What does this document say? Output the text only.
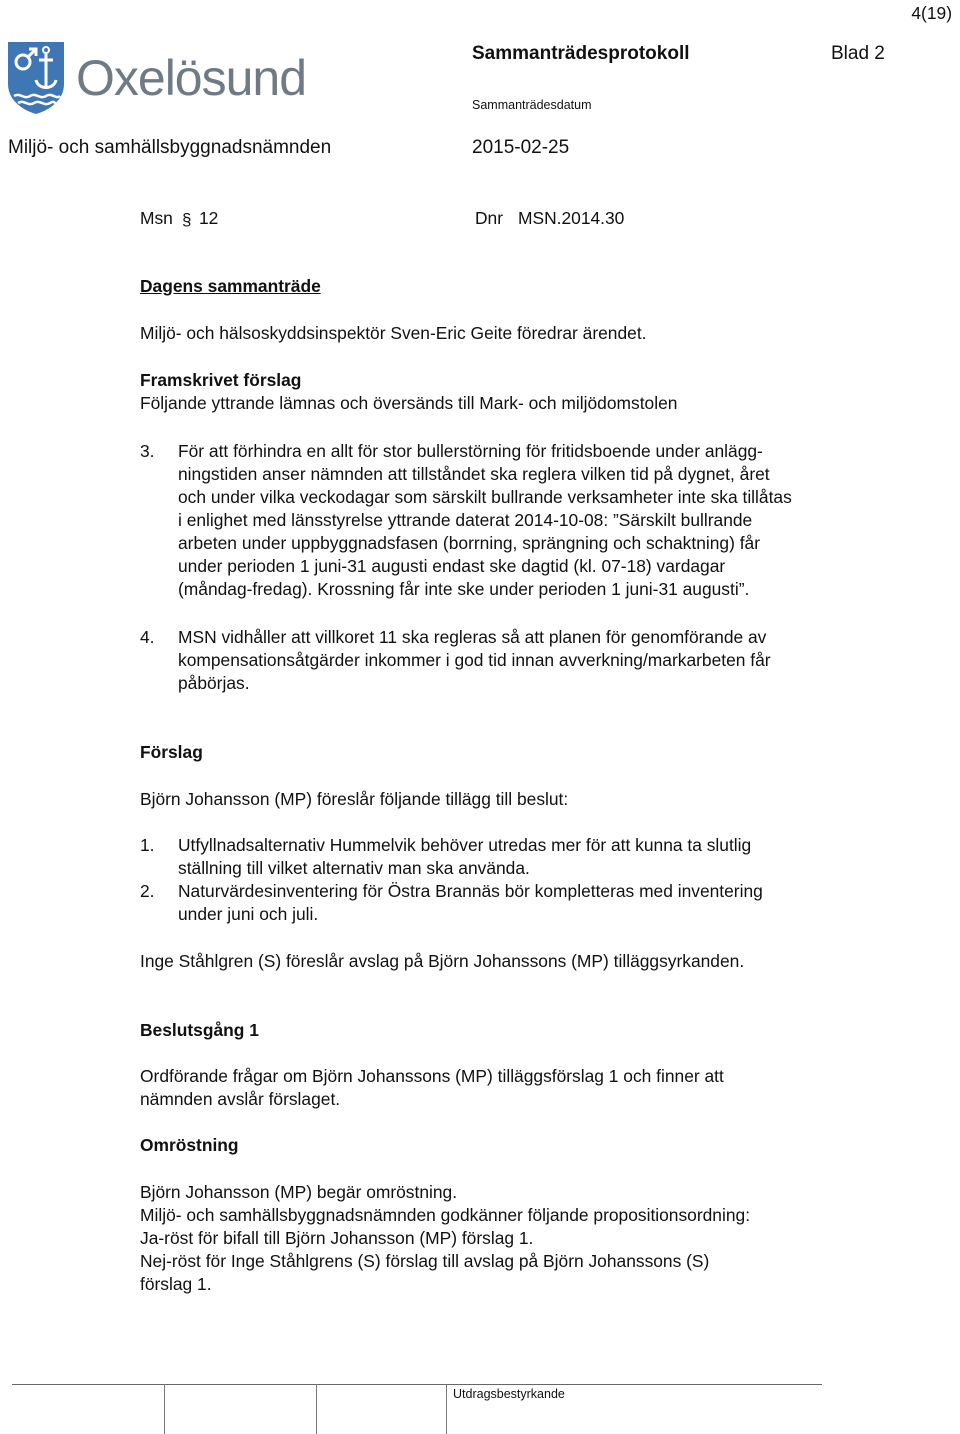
4(19)
Oxelösund	Sammanträdesprotokoll	Blad 2
Sammanträdesdatum
Miljö- och samhällsbyggnadsnämnden	2015-02-25
Msn § 12	Dnr MSN.2014.30
Dagens sammanträde
Miljö- och hälsoskyddsinspektör Sven-Eric Geite föredrar ärendet.
Framskrivet förslag
Följande yttrande lämnas och översänds till Mark- och miljödomstolen
3. För att förhindra en allt för stor bullerstörning för fritidsboende under anlägg-
ningstiden anser nämnden att tillståndet ska reglera vilken tid på dygnet, året
och under vilka veckodagar som särskilt bullrande verksamheter inte ska tillåtas
i enlighet med länsstyrelse yttrande daterat 2014-10-08: ”Särskilt bullrande
arbeten under uppbyggnadsfasen (borrning, sprängning och schaktning) får
under perioden 1 juni-31 augusti endast ske dagtid (kl. 07-18) vardagar
(måndag-fredag). Krossning får inte ske under perioden 1 juni-31 augusti”.
4. MSN vidhåller att villkoret 11 ska regleras så att planen för genomförande av
kompensationsåtgärder inkommer i god tid innan avverkning/markarbeten får
påbörjas.
Förslag
Björn Johansson (MP) föreslår följande tillägg till beslut:
1. Utfyllnadsalternativ Hummelvik behöver utredas mer för att kunna ta slutlig
ställning till vilket alternativ man ska använda.
2. Naturvärdesinventering för Östra Brannäs bör kompletteras med inventering
under juni och juli.
Inge Ståhlgren (S) föreslår avslag på Björn Johanssons (MP) tilläggsyrkanden.
Beslutsgång 1
Ordförande frågar om Björn Johanssons (MP) tilläggsförslag 1 och finner att
nämnden avslår förslaget.
Omröstning
Björn Johansson (MP) begär omröstning.
Miljö- och samhällsbyggnadsnämnden godkänner följande propositionsordning:
Ja-röst för bifall till Björn Johansson (MP) förslag 1.
Nej-röst för Inge Ståhlgrens (S) förslag till avslag på Björn Johanssons (S)
förslag 1.
Utdragsbestyrkande
